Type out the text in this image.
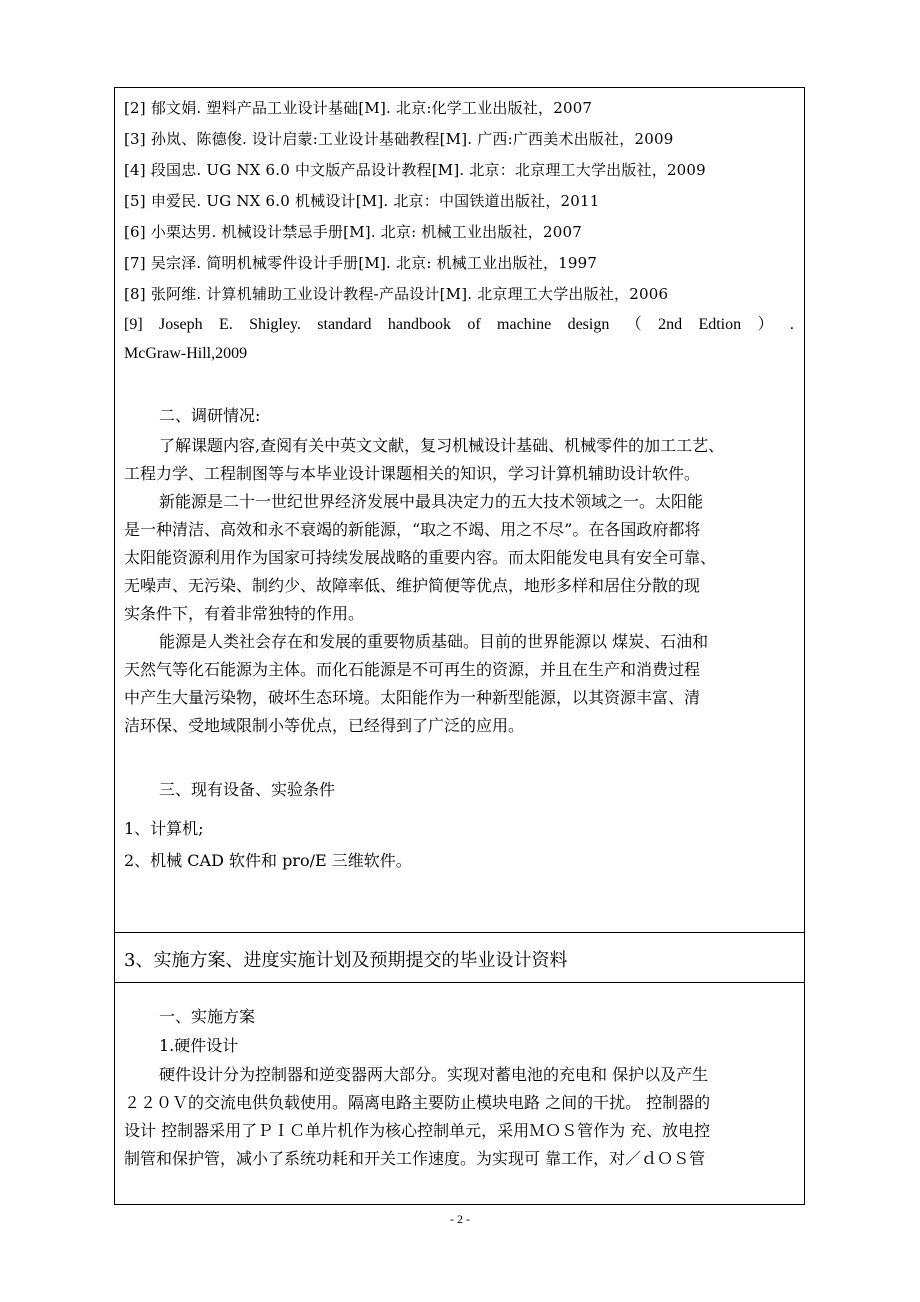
[2] 郁文娟. 塑料产品工业设计基础[M]. 北京:化学工业出版社，2007
[3] 孙岚、陈德俊. 设计启蒙:工业设计基础教程[M]. 广西:广西美术出版社，2009
[4] 段国忠. UG NX 6.0 中文版产品设计教程[M]. 北京：北京理工大学出版社，2009
[5] 申爱民. UG NX 6.0 机械设计[M]. 北京：中国铁道出版社，2011
[6] 小栗达男. 机械设计禁忌手册[M]. 北京: 机械工业出版社，2007
[7] 吴宗泽. 简明机械零件设计手册[M]. 北京: 机械工业出版社，1997
[8] 张阿维. 计算机辅助工业设计教程-产品设计[M]. 北京理工大学出版社，2006
[9] Joseph E. Shigley. standard handbook of machine design （ 2nd Edtion ） .
McGraw-Hill,2009
二、调研情况:
了解课题内容,查阅有关中英文文献，复习机械设计基础、机械零件的加工工艺、
工程力学、工程制图等与本毕业设计课题相关的知识，学习计算机辅助设计软件。
新能源是二十一世纪世界经济发展中最具决定力的五大技术领域之一。太阳能
是一种清洁、高效和永不衰竭的新能源，“取之不竭、用之不尽”。在各国政府都将
太阳能资源利用作为国家可持续发展战略的重要内容。而太阳能发电具有安全可靠、
无噪声、无污染、制约少、故障率低、维护简便等优点，地形多样和居住分散的现
实条件下，有着非常独特的作用。
能源是人类社会存在和发展的重要物质基础。目前的世界能源以 煤炭、石油和
天然气等化石能源为主体。而化石能源是不可再生的资源，并且在生产和消费过程
中产生大量污染物，破坏生态环境。太阳能作为一种新型能源，以其资源丰富、清
洁环保、受地域限制小等优点，已经得到了广泛的应用。
三、现有设备、实验条件
1、计算机;
2、机械 CAD 软件和 pro/E 三维软件。
3、实施方案、进度实施计划及预期提交的毕业设计资料
一、实施方案
1.硬件设计
硬件设计分为控制器和逆变器两大部分。实现对蓄电池的充电和 保护以及产生
２２０Ｖ的交流电供负载使用。隔离电路主要防止模块电路 之间的干扰。 控制器的
设计 控制器采用了ＰＩＣ单片机作为核心控制单元，采用ＭＯＳ管作为 充、放电控
制管和保护管，减小了系统功耗和开关工作速度。为实现可 靠工作，对／ｄＯＳ管
- 2 -
